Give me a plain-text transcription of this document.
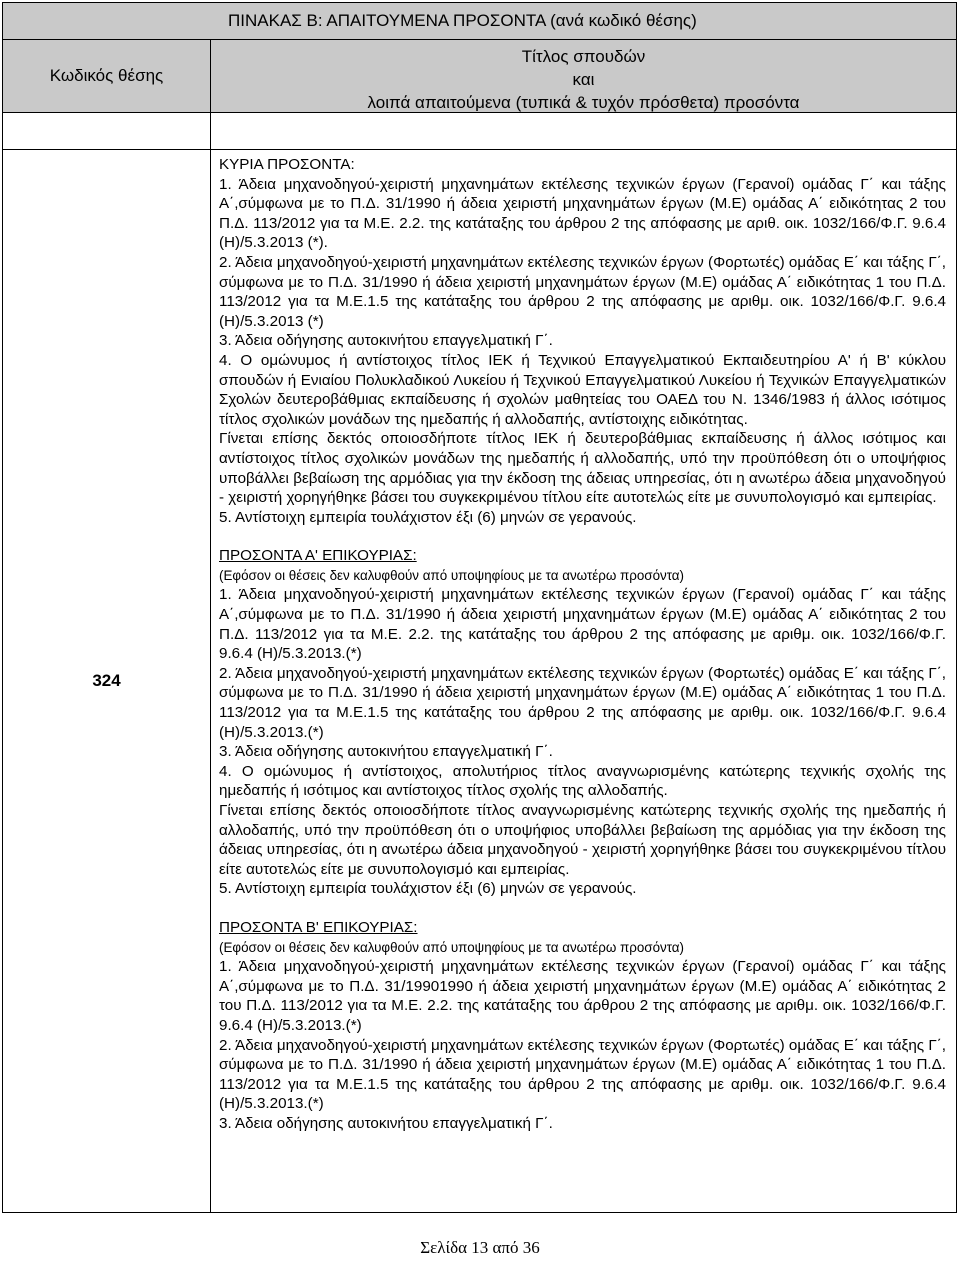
ΠΙΝΑΚΑΣ Β: ΑΠΑΙΤΟΥΜΕΝΑ ΠΡΟΣΟΝΤΑ (ανά κωδικό θέσης)
Κωδικός θέσης
Τίτλος σπουδών
και
λοιπά απαιτούμενα (τυπικά & τυχόν πρόσθετα) προσόντα
324

ΚΥΡΙΑ ΠΡΟΣΟΝΤΑ:

1. Άδεια μηχανοδηγού-χειριστή μηχανημάτων εκτέλεσης τεχνικών έργων (Γερανοί) ομάδας Γ΄ και τάξης Α΄,σύμφωνα με το Π.Δ. 31/1990 ή άδεια χειριστή μηχανημάτων έργων (Μ.Ε) ομάδας Α΄ ειδικότητας 2 του Π.Δ. 113/2012 για τα Μ.Ε. 2.2. της κατάταξης του άρθρου 2 της απόφασης με αριθ. οικ. 1032/166/Φ.Γ. 9.6.4 (Η)/5.3.2013 (*).

2. Άδεια μηχανοδηγού-χειριστή μηχανημάτων εκτέλεσης τεχνικών έργων (Φορτωτές) ομάδας Ε΄ και τάξης Γ΄, σύμφωνα με το Π.Δ. 31/1990 ή άδεια χειριστή μηχανημάτων έργων (Μ.Ε) ομάδας Α΄ ειδικότητας 1 του Π.Δ. 113/2012 για τα Μ.Ε.1.5 της κατάταξης του άρθρου 2 της απόφασης με αριθμ. οικ. 1032/166/Φ.Γ. 9.6.4 (Η)/5.3.2013 (*)

3. Άδεια οδήγησης αυτοκινήτου επαγγελματική Γ΄.

4. Ο ομώνυμος ή αντίστοιχος τίτλος ΙΕΚ ή Τεχνικού Επαγγελματικού Εκπαιδευτηρίου Α' ή Β' κύκλου σπουδών ή Ενιαίου Πολυκλαδικού Λυκείου ή Τεχνικού Επαγγελματικού Λυκείου ή Τεχνικών Επαγγελματικών Σχολών δευτεροβάθμιας εκπαίδευσης ή σχολών μαθητείας του ΟΑΕΔ του Ν. 1346/1983 ή άλλος ισότιμος τίτλος σχολικών μονάδων της ημεδαπής ή αλλοδαπής, αντίστοιχης ειδικότητας.

Γίνεται επίσης δεκτός οποιοσδήποτε τίτλος ΙΕΚ ή δευτεροβάθμιας εκπαίδευσης ή άλλος ισότιμος και αντίστοιχος τίτλος σχολικών μονάδων της ημεδαπής ή αλλοδαπής, υπό την προϋπόθεση ότι ο υποψήφιος υποβάλλει βεβαίωση της αρμόδιας για την έκδοση της άδειας υπηρεσίας, ότι η ανωτέρω άδεια μηχανοδηγού - χειριστή χορηγήθηκε βάσει του συγκεκριμένου τίτλου είτε αυτοτελώς είτε με συνυπολογισμό και εμπειρίας.

5. Αντίστοιχη εμπειρία τουλάχιστον έξι (6) μηνών σε γερανούς.

ΠΡΟΣΟΝΤΑ Α' ΕΠΙΚΟΥΡΙΑΣ:

(Εφόσον οι θέσεις δεν καλυφθούν από υποψηφίους με τα ανωτέρω προσόντα)

1. Άδεια μηχανοδηγού-χειριστή μηχανημάτων εκτέλεσης τεχνικών έργων (Γερανοί) ομάδας Γ΄ και τάξης Α΄,σύμφωνα με το Π.Δ. 31/1990 ή άδεια χειριστή μηχανημάτων έργων (Μ.Ε) ομάδας Α΄ ειδικότητας 2 του Π.Δ. 113/2012 για τα Μ.Ε. 2.2. της κατάταξης του άρθρου 2 της απόφασης με αριθμ. οικ. 1032/166/Φ.Γ. 9.6.4 (Η)/5.3.2013.(*)

2. Άδεια μηχανοδηγού-χειριστή μηχανημάτων εκτέλεσης τεχνικών έργων (Φορτωτές) ομάδας Ε΄ και τάξης Γ΄, σύμφωνα με το Π.Δ. 31/1990 ή άδεια χειριστή μηχανημάτων έργων (Μ.Ε) ομάδας Α΄ ειδικότητας 1 του Π.Δ. 113/2012 για τα Μ.Ε.1.5 της κατάταξης του άρθρου 2 της απόφασης με αριθμ. οικ. 1032/166/Φ.Γ. 9.6.4 (Η)/5.3.2013.(*)

3. Άδεια οδήγησης αυτοκινήτου επαγγελματική Γ΄.

4. Ο ομώνυμος ή αντίστοιχος, απολυτήριος τίτλος αναγνωρισμένης κατώτερης τεχνικής σχολής της ημεδαπής ή ισότιμος και αντίστοιχος τίτλος σχολής της αλλοδαπής.

Γίνεται επίσης δεκτός οποιοσδήποτε τίτλος αναγνωρισμένης κατώτερης τεχνικής σχολής της ημεδαπής ή αλλοδαπής, υπό την προϋπόθεση ότι ο υποψήφιος υποβάλλει βεβαίωση της αρμόδιας για την έκδοση της άδειας υπηρεσίας, ότι η ανωτέρω άδεια μηχανοδηγού - χειριστή χορηγήθηκε βάσει του συγκεκριμένου τίτλου είτε αυτοτελώς είτε με συνυπολογισμό και εμπειρίας.

5. Αντίστοιχη εμπειρία τουλάχιστον έξι (6) μηνών σε γερανούς.

ΠΡΟΣΟΝΤΑ Β' ΕΠΙΚΟΥΡΙΑΣ:

(Εφόσον οι θέσεις δεν καλυφθούν από υποψηφίους με τα ανωτέρω προσόντα)

1. Άδεια μηχανοδηγού-χειριστή μηχανημάτων εκτέλεσης τεχνικών έργων (Γερανοί) ομάδας Γ΄ και τάξης Α΄,σύμφωνα με το Π.Δ. 31/19901990 ή άδεια χειριστή μηχανημάτων έργων (Μ.Ε) ομάδας Α΄ ειδικότητας 2 του Π.Δ. 113/2012 για τα Μ.Ε. 2.2. της κατάταξης του άρθρου 2 της απόφασης με αριθμ. οικ. 1032/166/Φ.Γ. 9.6.4 (Η)/5.3.2013.(*)

2. Άδεια μηχανοδηγού-χειριστή μηχανημάτων εκτέλεσης τεχνικών έργων (Φορτωτές) ομάδας Ε΄ και τάξης Γ΄, σύμφωνα με το Π.Δ. 31/1990 ή άδεια χειριστή μηχανημάτων έργων (Μ.Ε) ομάδας Α΄ ειδικότητας 1 του Π.Δ. 113/2012 για τα Μ.Ε.1.5 της κατάταξης του άρθρου 2 της απόφασης με αριθμ. οικ. 1032/166/Φ.Γ. 9.6.4 (Η)/5.3.2013.(*)

3. Άδεια οδήγησης αυτοκινήτου επαγγελματική Γ΄.

Σελίδα 13 από 36
